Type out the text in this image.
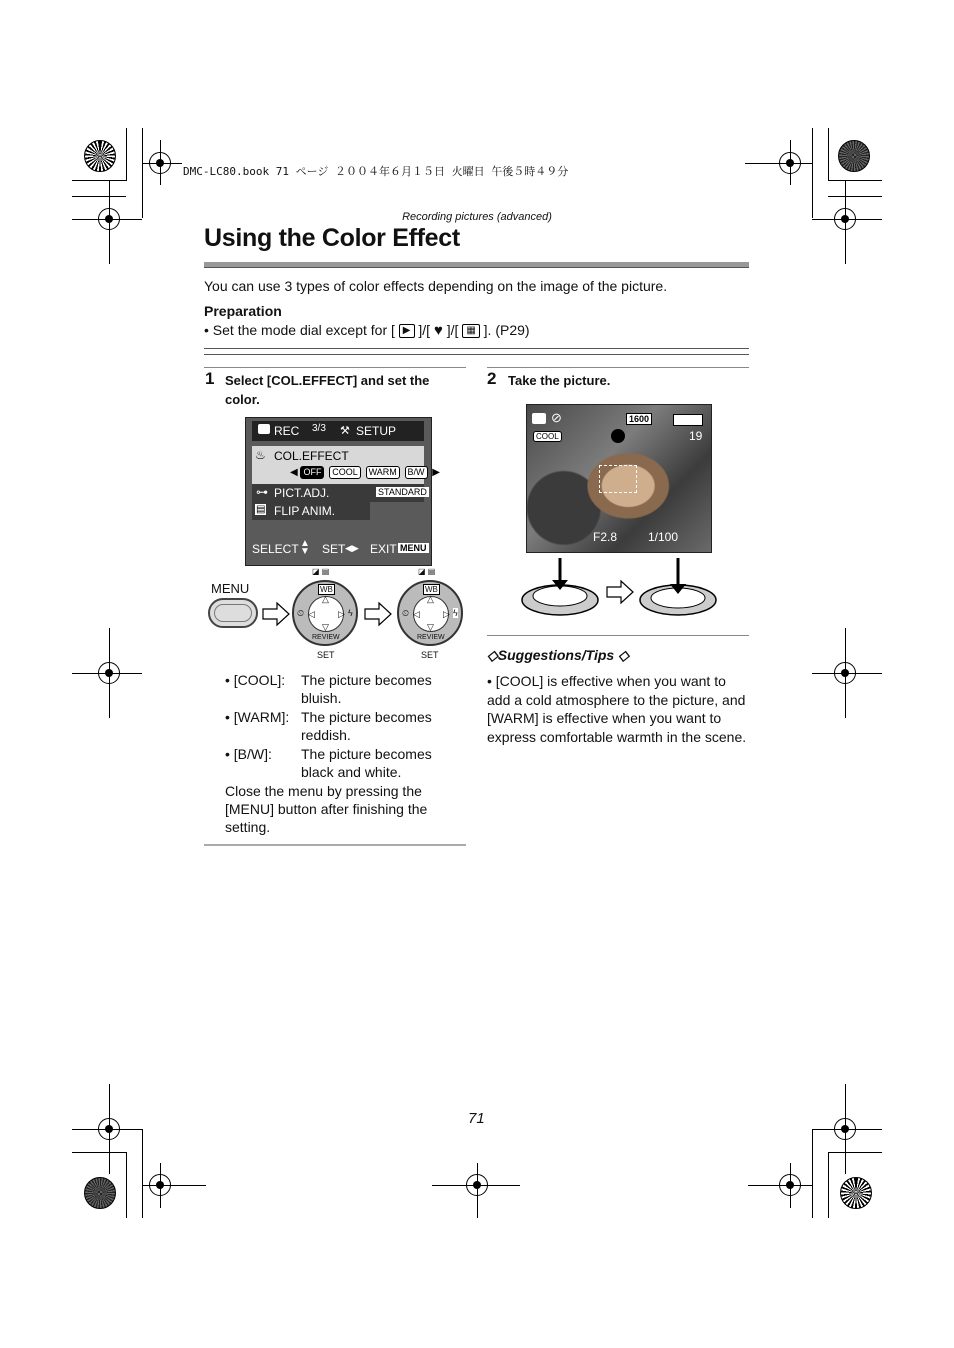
DMC-LC80.book 71 ページ ２００４年６月１５日 火曜日 午後５時４９分
Recording pictures (advanced)
Using the Color Effect
You can use 3 types of color effects depending on the image of the picture.
Preparation
• Set the mode dial except for [ ▶ ]/[ ♥ ]/[ ▦ ]. (P29)
1 Select [COL.EFFECT] and set the color.
REC 3/3 ⚒ SETUP
♨ COL.EFFECT
◀ OFF COOL WARM B/W ▶
⊶ PICT.ADJ.	STANDARD
▤ FLIP ANIM.
SELECT ▲
▼ SET ◀▶ EXIT MENU
MENU
◪ ▤
WB
△
◁	▷
⏲	ϟ
▽
REVIEW
SET
◪ ▤
WB
△
◁	▷
⏲	ϟ
▽
REVIEW
SET
• [COOL]: The picture becomes bluish.
• [WARM]: The picture becomes reddish.
• [B/W]: The picture becomes black and white.
Close the menu by pressing the [MENU] button after finishing the setting.
2 Take the picture.
⊘	1600
COOL	19
F2.8	1/100
◇Suggestions/Tips ◇
• [COOL] is effective when you want to add a cold atmosphere to the picture, and [WARM] is effective when you want to express comfortable warmth in the scene.
71
